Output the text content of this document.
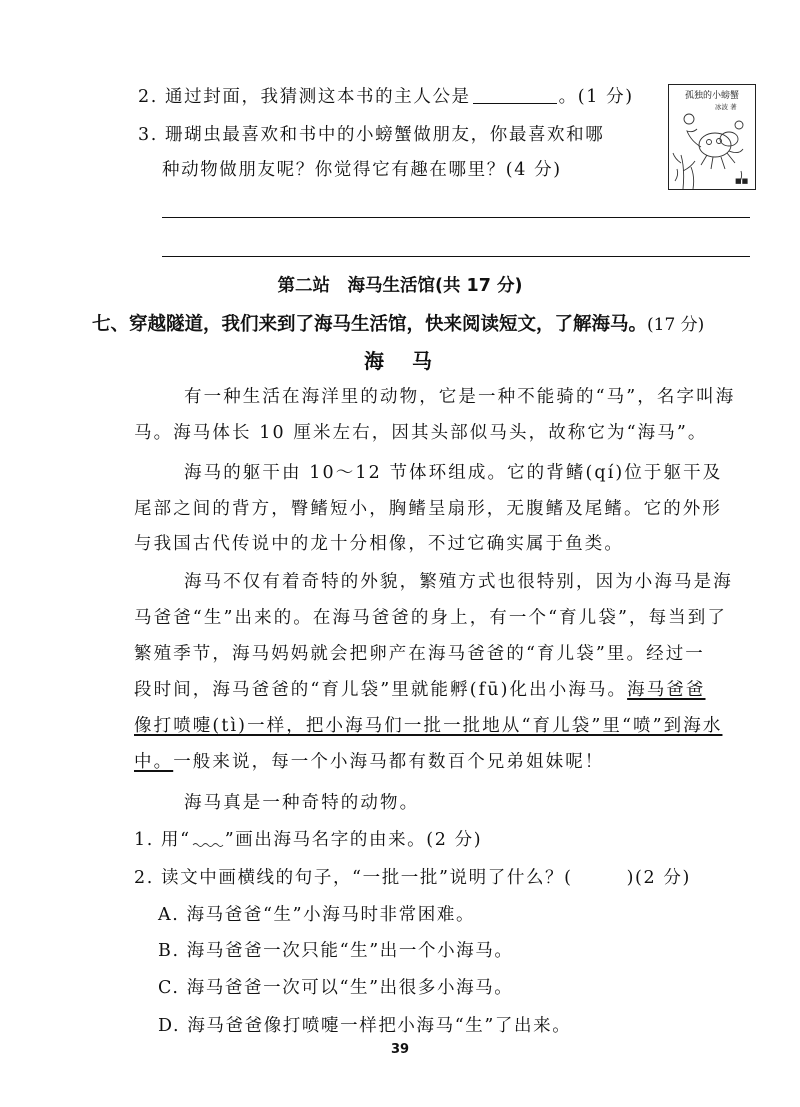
2. 通过封面，我猜测这本书的主人公是	。(1 分)
3. 珊瑚虫最喜欢和书中的小螃蟹做朋友，你最喜欢和哪
种动物做朋友呢？你觉得它有趣在哪里？(4 分)
孤独的小螃蟹
冰波 著
■■
第二站　海马生活馆(共 17 分)
七、穿越隧道，我们来到了海马生活馆，快来阅读短文，了解海马。(17 分)
海　马
有一种生活在海洋里的动物，它是一种不能骑的“马”，名字叫海
马。海马体长 10 厘米左右，因其头部似马头，故称它为“海马”。
海马的躯干由 10～12 节体环组成。它的背鳍(qí)位于躯干及
尾部之间的背方，臀鳍短小，胸鳍呈扇形，无腹鳍及尾鳍。它的外形
与我国古代传说中的龙十分相像，不过它确实属于鱼类。
海马不仅有着奇特的外貌，繁殖方式也很特别，因为小海马是海
马爸爸“生”出来的。在海马爸爸的身上，有一个“育儿袋”，每当到了
繁殖季节，海马妈妈就会把卵产在海马爸爸的“育儿袋”里。经过一
段时间，海马爸爸的“育儿袋”里就能孵(fū)化出小海马。海马爸爸
像打喷嚏(tì)一样，把小海马们一批一批地从“育儿袋”里“喷”到海水
中。一般来说，每一个小海马都有数百个兄弟姐妹呢！
海马真是一种奇特的动物。
1. 用“ ”画出海马名字的由来。(2 分)
2. 读文中画横线的句子，“一批一批”说明了什么？(	)(2 分)
A. 海马爸爸“生”小海马时非常困难。
B. 海马爸爸一次只能“生”出一个小海马。
C. 海马爸爸一次可以“生”出很多小海马。
D. 海马爸爸像打喷嚏一样把小海马“生”了出来。
39
